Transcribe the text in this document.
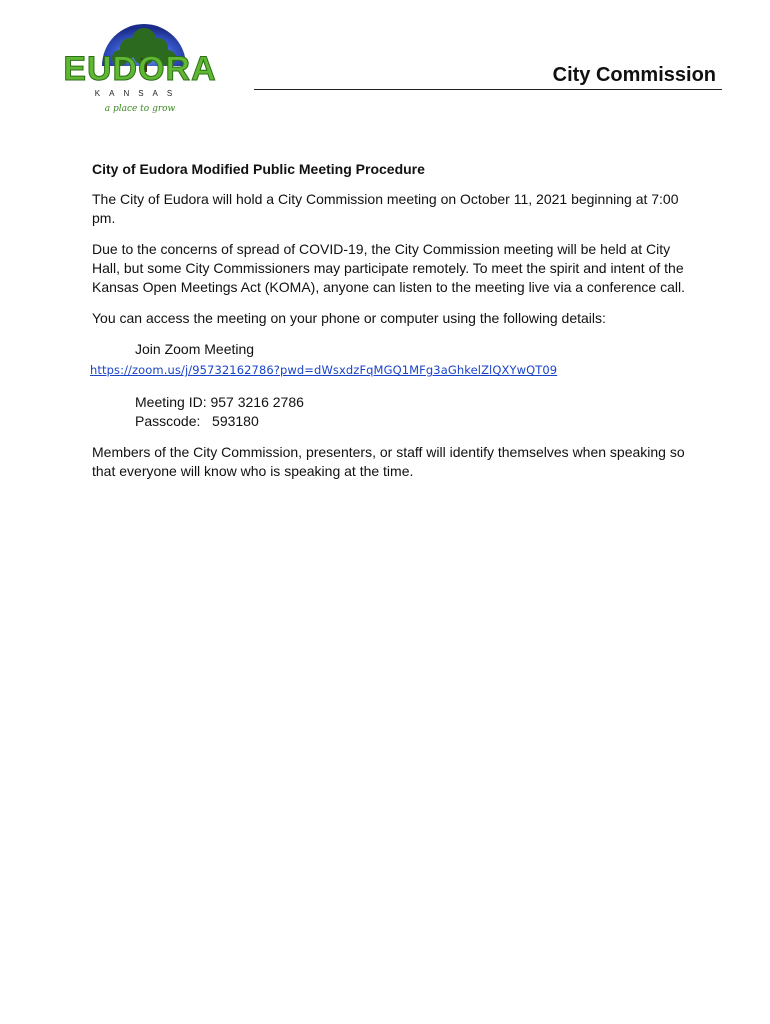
EUDORA
KANSAS
a place to grow
City Commission

City of Eudora Modified Public Meeting Procedure

The City of Eudora will hold a City Commission meeting on October 11, 2021 beginning at 7:00 pm.

Due to the concerns of spread of COVID-19, the City Commission meeting will be held at City Hall, but some City Commissioners may participate remotely. To meet the spirit and intent of the Kansas Open Meetings Act (KOMA), anyone can listen to the meeting live via a conference call.

You can access the meeting on your phone or computer using the following details:

Join Zoom Meeting

https://zoom.us/j/95732162786?pwd=dWsxdzFqMGQ1MFg3aGhkelZlQXYwQT09

Meeting ID: 957 3216 2786
Passcode:   593180

Members of the City Commission, presenters, or staff will identify themselves when speaking so that everyone will know who is speaking at the time.
